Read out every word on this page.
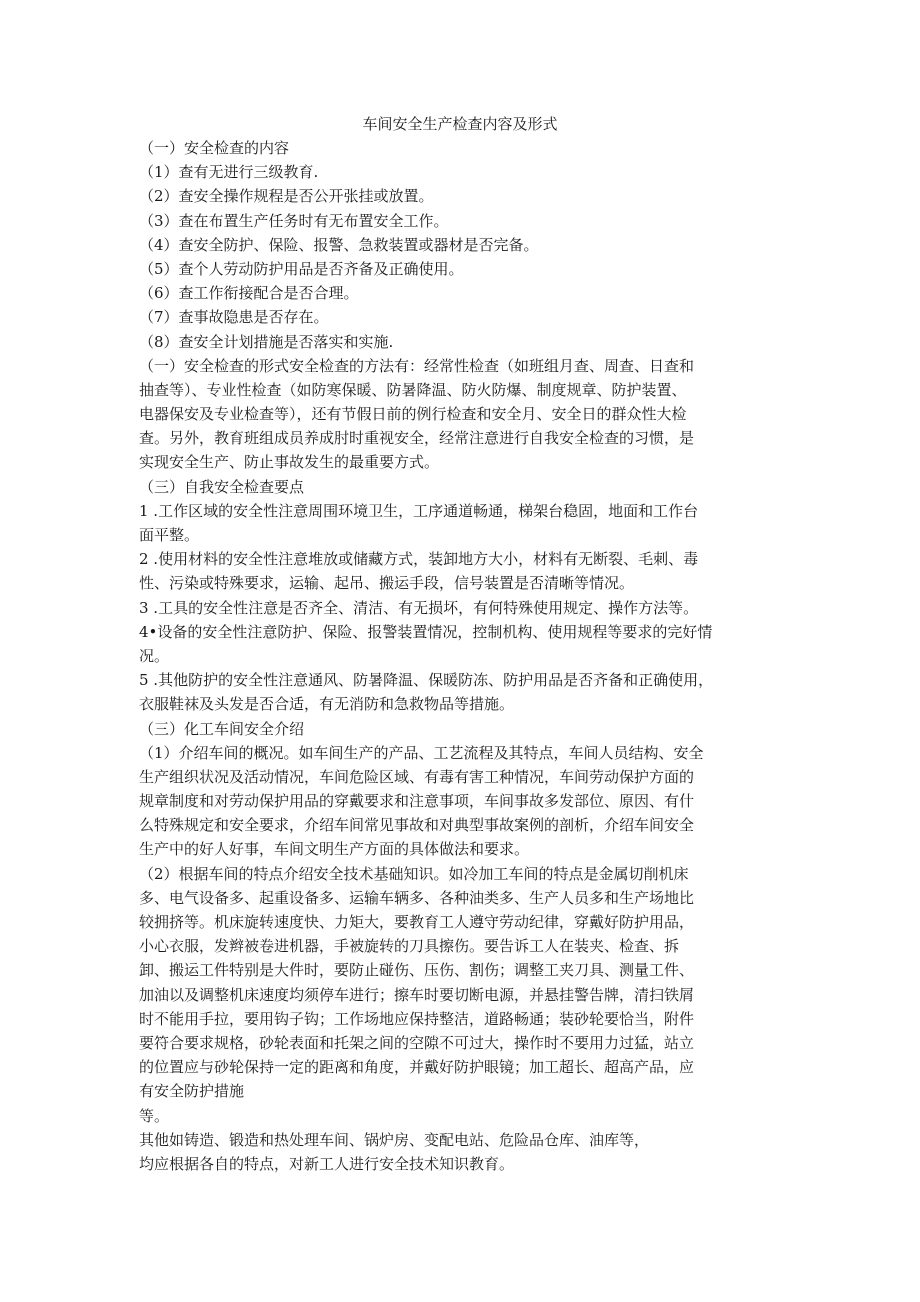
车间安全生产检查内容及形式
（一）安全检查的内容
（1）查有无进行三级教育.
（2）查安全操作规程是否公开张挂或放置。
（3）查在布置生产任务时有无布置安全工作。
（4）查安全防护、保险、报警、急救装置或器材是否完备。
（5）查个人劳动防护用品是否齐备及正确使用。
（6）查工作衔接配合是否合理。
（7）查事故隐患是否存在。
（8）查安全计划措施是否落实和实施.
（一）安全检查的形式安全检查的方法有：经常性检查（如班组月查、周查、日查和
抽查等）、专业性检查（如防寒保暖、防暑降温、防火防爆、制度规章、防护装置、
电器保安及专业检查等），还有节假日前的例行检查和安全月、安全日的群众性大检
查。另外，教育班组成员养成肘时重视安全，经常注意进行自我安全检查的习惯，是
实现安全生产、防止事故发生的最重要方式。
（三）自我安全检查要点
1 .工作区域的安全性注意周围环境卫生，工序通道畅通，梯架台稳固，地面和工作台
面平整。
2 .使用材料的安全性注意堆放或储藏方式，装卸地方大小，材料有无断裂、毛刺、毒
性、污染或特殊要求，运输、起吊、搬运手段，信号装置是否清晰等情况。
3 .工具的安全性注意是否齐全、清洁、有无损坏，有何特殊使用规定、操作方法等。
4•设备的安全性注意防护、保险、报警装置情况，控制机构、使用规程等要求的完好情
况。
5 .其他防护的安全性注意通风、防暑降温、保暖防冻、防护用品是否齐备和正确使用，
衣服鞋袜及头发是否合适，有无消防和急救物品等措施。
（三）化工车间安全介绍
（1）介绍车间的概况。如车间生产的产品、工艺流程及其特点，车间人员结构、安全
生产组织状况及活动情况，车间危险区域、有毒有害工种情况，车间劳动保护方面的
规章制度和对劳动保护用品的穿戴要求和注意事项，车间事故多发部位、原因、有什
么特殊规定和安全要求，介绍车间常见事故和对典型事故案例的剖析，介绍车间安全
生产中的好人好事，车间文明生产方面的具体做法和要求。
（2）根据车间的特点介绍安全技术基础知识。如冷加工车间的特点是金属切削机床
多、电气设备多、起重设备多、运输车辆多、各种油类多、生产人员多和生产场地比
较拥挤等。机床旋转速度快、力矩大，要教育工人遵守劳动纪律，穿戴好防护用品，
小心衣服，发辫被卷进机器，手被旋转的刀具擦伤。要告诉工人在装夹、检查、拆
卸、搬运工件特别是大件时，要防止碰伤、压伤、割伤；调整工夹刀具、测量工件、
加油以及调整机床速度均须停车进行；擦车时要切断电源，并悬挂警告牌，清扫铁屑
时不能用手拉，要用钩子钩；工作场地应保持整洁，道路畅通；装砂轮要恰当，附件
要符合要求规格，砂轮表面和托架之间的空隙不可过大，操作时不要用力过猛，站立
的位置应与砂轮保持一定的距离和角度，并戴好防护眼镜；加工超长、超高产品，应
有安全防护措施
等。
其他如铸造、锻造和热处理车间、锅炉房、变配电站、危险品仓库、油库等，
均应根据各自的特点，对新工人进行安全技术知识教育。
